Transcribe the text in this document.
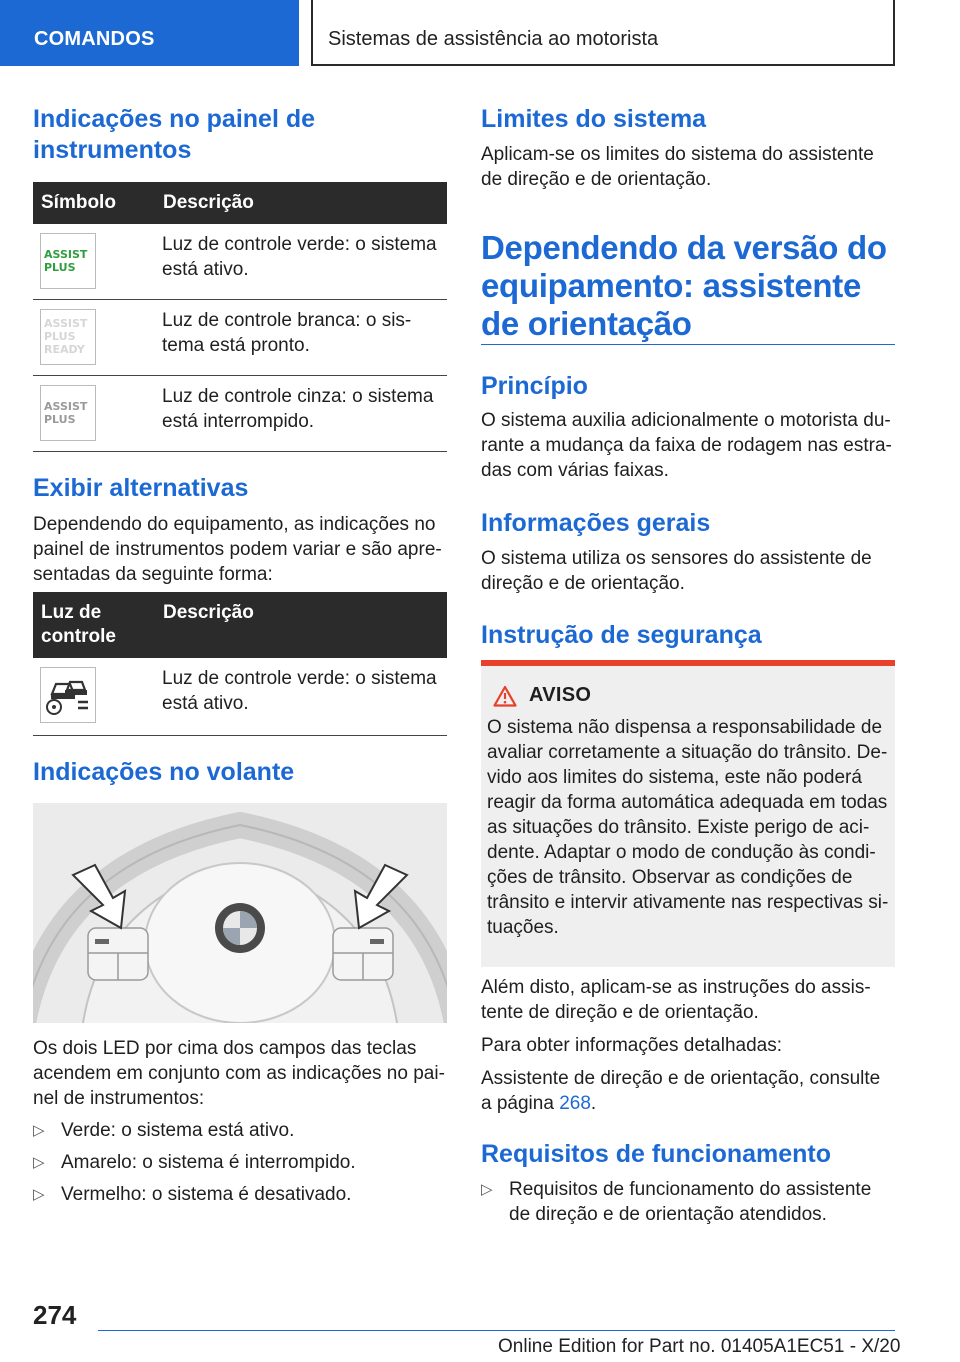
COMANDOS	Sistemas de assistência ao motorista
Indicações no painel de instrumentos
Símbolo	Descrição

ASSIST
PLUS	Luz de controle verde: o sistema está ativo.

ASSIST
PLUS
READY	Luz de controle branca: o sistema está pronto.

ASSIST
PLUS	Luz de controle cinza: o sistema está interrompido.
Exibir alternativas

Dependendo do equipamento, as indicações no painel de instrumentos podem variar e são apresentadas da seguinte forma:

Luz de controle	Descrição

	Luz de controle verde: o sistema está ativo.
Indicações no volante

Os dois LED por cima dos campos das teclas acendem em conjunto com as indicações no painel de instrumentos:

▷ Verde: o sistema está ativo.
▷ Amarelo: o sistema é interrompido.
▷ Vermelho: o sistema é desativado.
Limites do sistema

Aplicam-se os limites do sistema do assistente de direção e de orientação.

Dependendo da versão do equipamento: assistente de orientação
Princípio

O sistema auxilia adicionalmente o motorista durante a mudança da faixa de rodagem nas estradas com várias faixas.

Informações gerais

O sistema utiliza os sensores do assistente de direção e de orientação.

Instrução de segurança
AVISO

O sistema não dispensa a responsabilidade de avaliar corretamente a situação do trânsito. Devido aos limites do sistema, este não poderá reagir da forma automática adequada em todas as situações do trânsito. Existe perigo de acidente. Adaptar o modo de condução às condições de trânsito. Observar as condições de trânsito e intervir ativamente nas respectivas situações.

Além disto, aplicam-se as instruções do assistente de direção e de orientação.

Para obter informações detalhadas:

Assistente de direção e de orientação, consulte a página 268.

Requisitos de funcionamento
▷ Requisitos de funcionamento do assistente de direção e de orientação atendidos.
274
Online Edition for Part no. 01405A1EC51 - X/20
